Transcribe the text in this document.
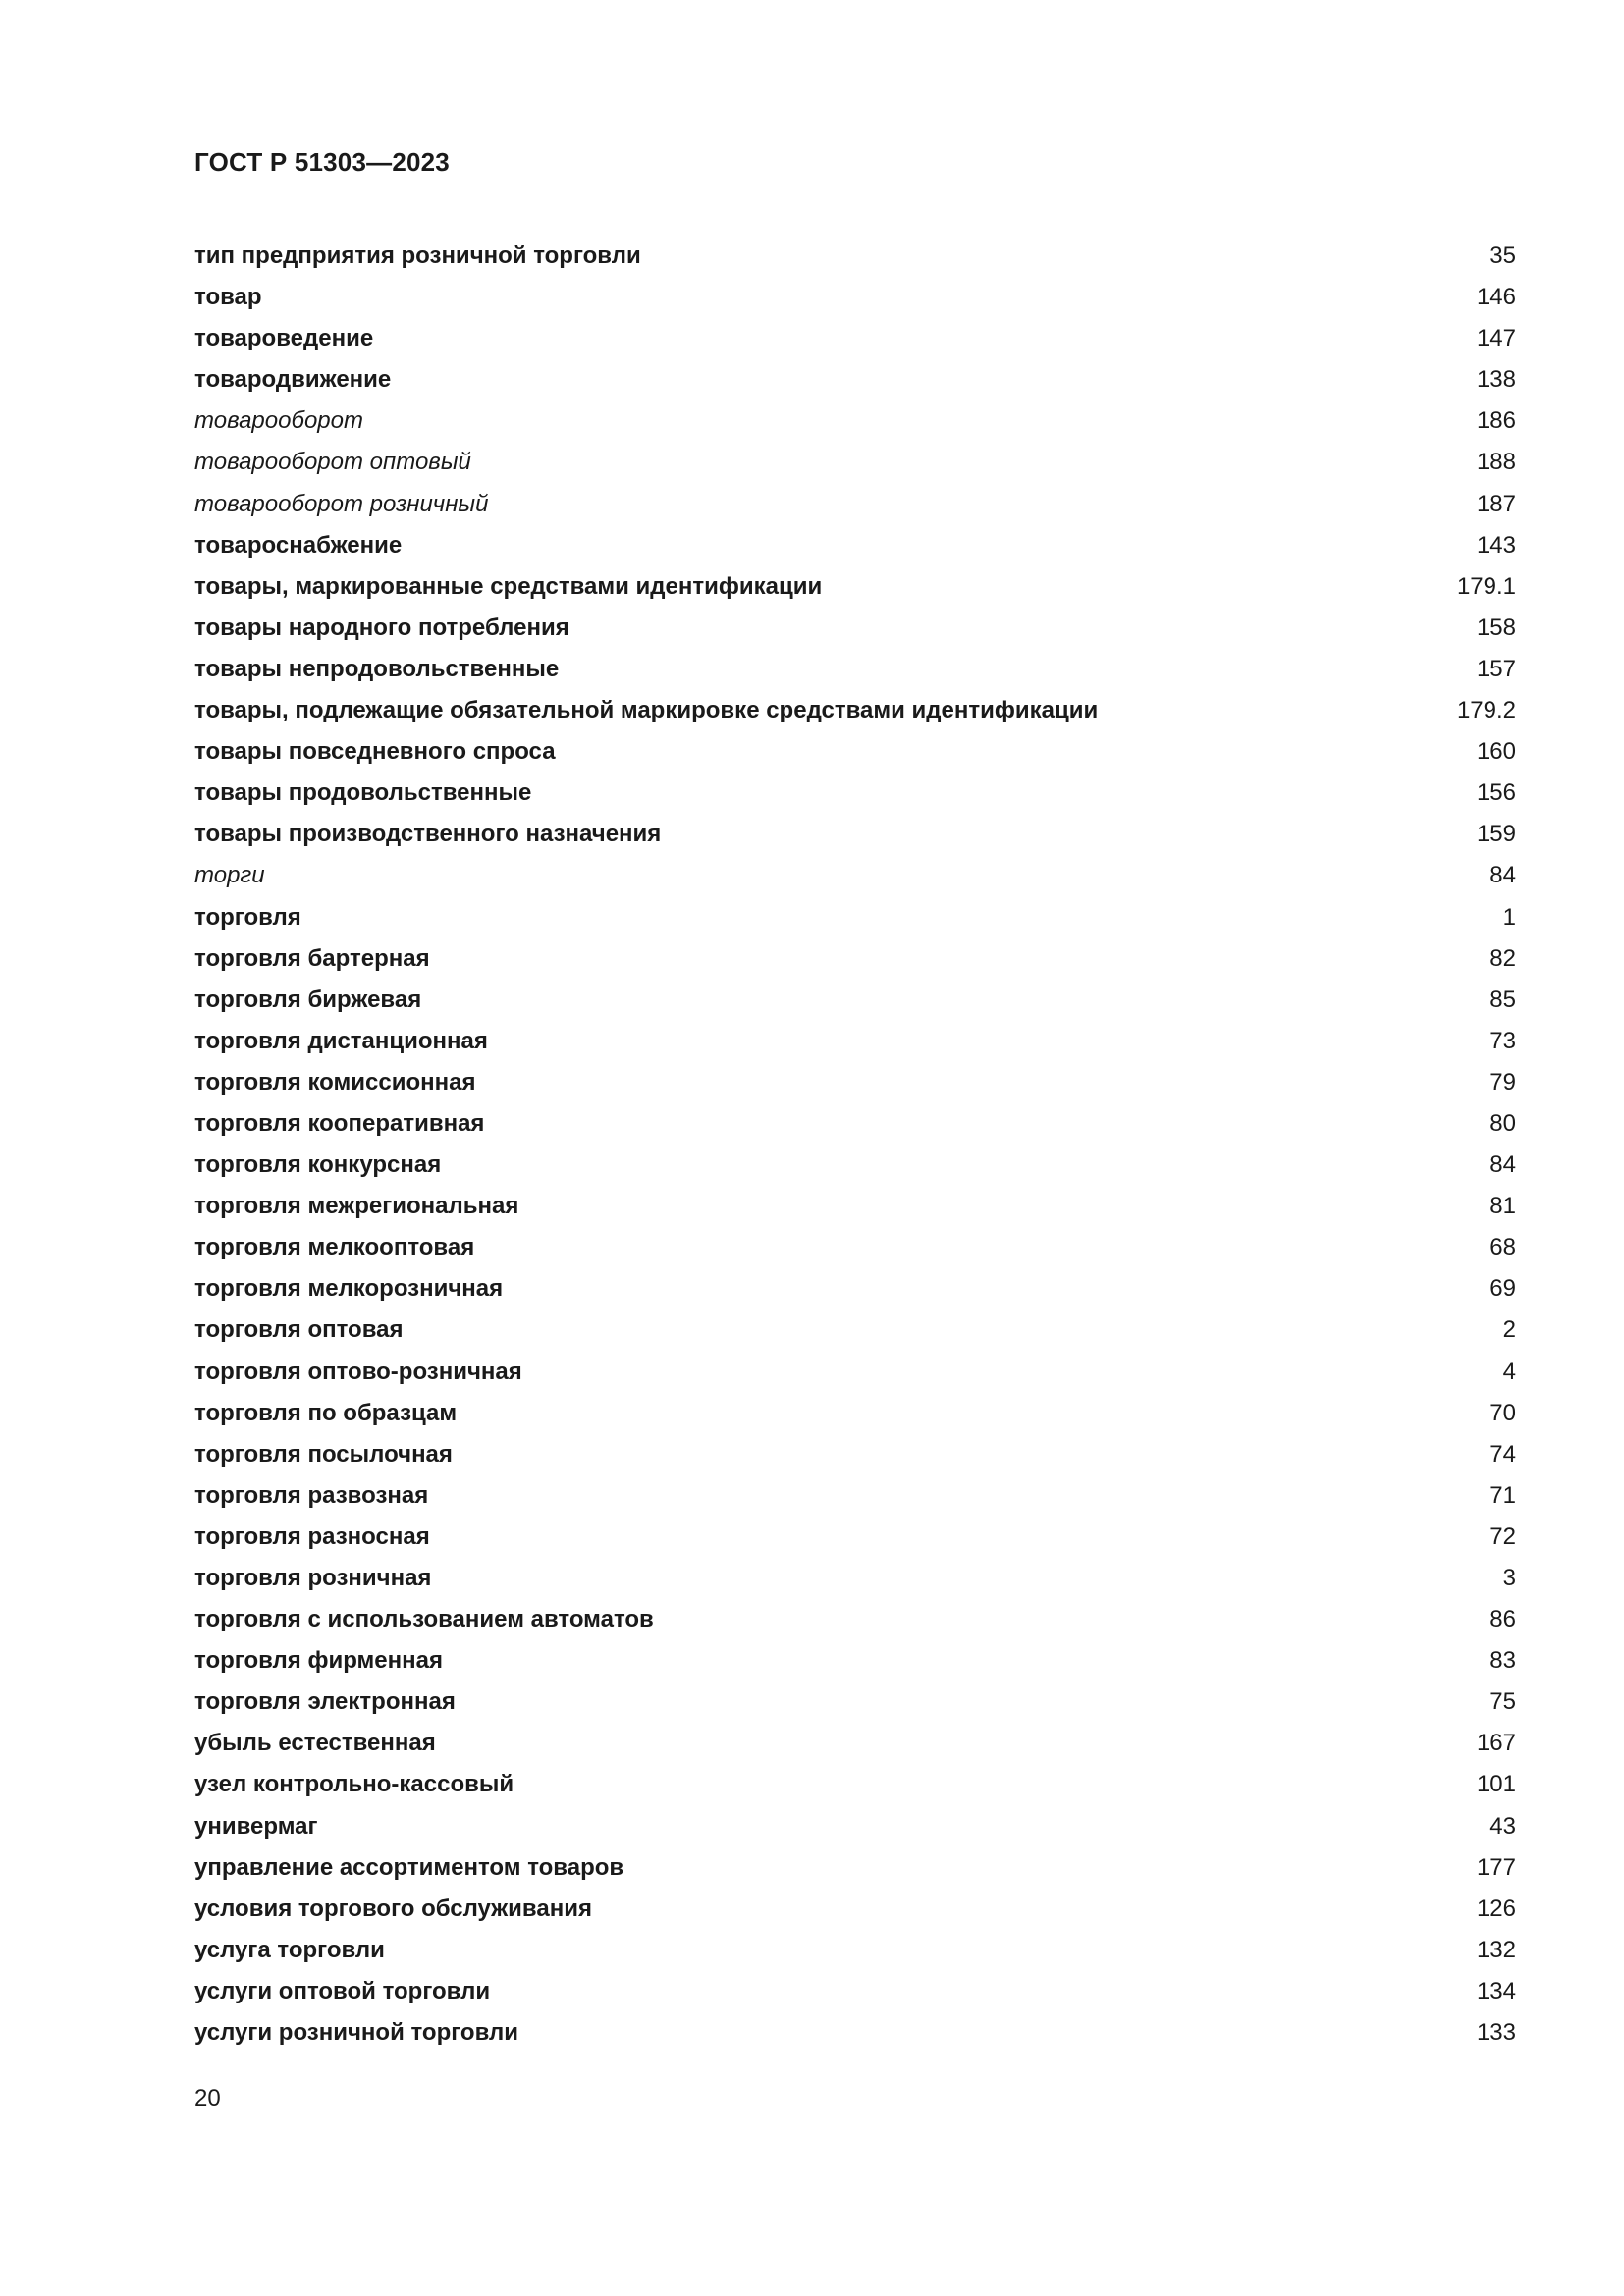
ГОСТ Р 51303—2023
тип предприятия розничной торговли	35
товар	146
товароведение	147
товародвижение	138
товарооборот	186
товарооборот оптовый	188
товарооборот розничный	187
товароснабжение	143
товары, маркированные средствами идентификации	179.1
товары народного потребления	158
товары непродовольственные	157
товары, подлежащие обязательной маркировке средствами идентификации	179.2
товары повседневного спроса	160
товары продовольственные	156
товары производственного назначения	159
торги	84
торговля	1
торговля бартерная	82
торговля биржевая	85
торговля дистанционная	73
торговля комиссионная	79
торговля кооперативная	80
торговля конкурсная	84
торговля межрегиональная	81
торговля мелкооптовая	68
торговля мелкорозничная	69
торговля оптовая	2
торговля оптово-розничная	4
торговля по образцам	70
торговля посылочная	74
торговля развозная	71
торговля разносная	72
торговля розничная	3
торговля с использованием автоматов	86
торговля фирменная	83
торговля электронная	75
убыль естественная	167
узел контрольно-кассовый	101
универмаг	43
управление ассортиментом товаров	177
условия торгового обслуживания	126
услуга торговли	132
услуги оптовой торговли	134
услуги розничной торговли	133
20
